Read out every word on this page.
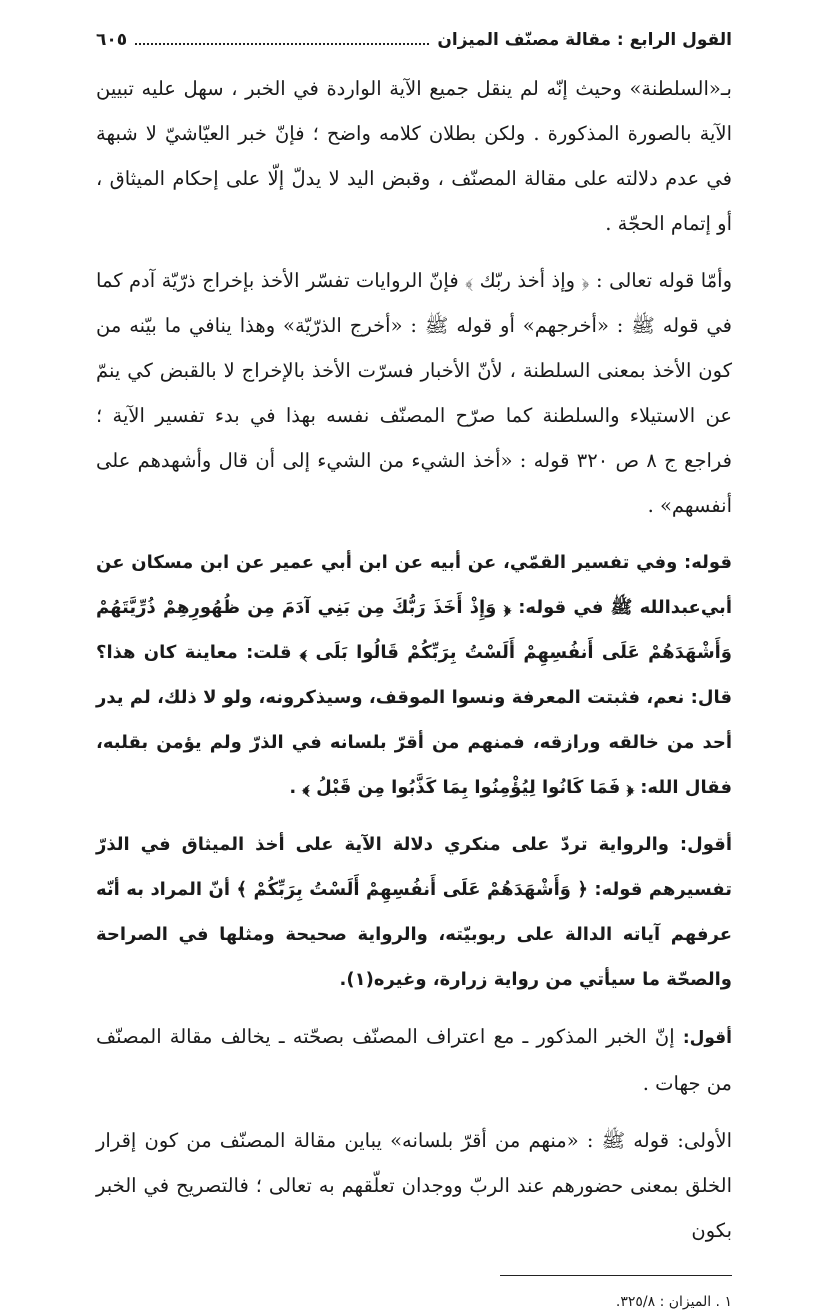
القول الرابع : مقالة مصنّف الميزان
٦٠٥

بـ«السلطنة» وحيث إنّه لم ينقل جميع الآية الواردة في الخبر ، سهل عليه تبيين الآية بالصورة المذكورة . ولكن بطلان كلامه واضح ؛ فإنّ خبر العيّاشيّ لا شبهة في عدم دلالته على مقالة المصنّف ، وقبض اليد لا يدلّ إلّا على إحكام الميثاق ، أو إتمام الحجّة .

وأمّا قوله تعالى : ﴿ وإذ أخذ ربّك ﴾ فإنّ الروايات تفسّر الأخذ بإخراج ذرّيّة آدم كما في قوله ﷺ : «أخرجهم» أو قوله ﷺ : «أخرج الذرّيّة» وهذا ينافي ما بيّنه من كون الأخذ بمعنى السلطنة ، لأنّ الأخبار فسرّت الأخذ بالإخراج لا بالقبض كي ينمّ عن الاستيلاء والسلطنة كما صرّح المصنّف نفسه بهذا في بدء تفسير الآية ؛ فراجع ج ٨ ص ٣٢٠ قوله : «أخذ الشيء من الشيء إلى أن قال وأشهدهم على أنفسهم» .

قوله: وفي تفسير القمّي، عن أبيه عن ابن أبي عمير عن ابن مسكان عن أبي‌عبدالله ﷺ في قوله: ﴿ وَإِذْ أَخَذَ رَبُّكَ مِن بَنِي آدَمَ مِن ظُهُورِهِمْ ذُرِّيَّتَهُمْ وَأَشْهَدَهُمْ عَلَى أَنفُسِهِمْ أَلَسْتُ بِرَبِّكُمْ قَالُوا بَلَى ﴾ قلت: معاينة كان هذا؟ قال: نعم، فثبتت المعرفة ونسوا الموقف، وسيذكرونه، ولو لا ذلك، لم يدر أحد من خالقه ورازقه، فمنهم من أقرّ بلسانه في الذرّ ولم يؤمن بقلبه، فقال الله: ﴿ فَمَا كَانُوا لِيُؤْمِنُوا بِمَا كَذَّبُوا مِن قَبْلُ ﴾ .

أقول: والرواية تردّ على منكري دلالة الآية على أخذ الميثاق في الذرّ تفسيرهم قوله: ﴿ وَأَشْهَدَهُمْ عَلَى أَنفُسِهِمْ أَلَسْتُ بِرَبِّكُمْ ﴾ أنّ المراد به أنّه عرفهم آياته الدالة على ربوبيّته، والرواية صحيحة ومثلها في الصراحة والصحّة ما سيأتي من رواية زرارة، وغيره(١).

أقول: إنّ الخبر المذكور ـ مع اعتراف المصنّف بصحّته ـ يخالف مقالة المصنّف من جهات .

الأولى: قوله ﷺ : «منهم من أقرّ بلسانه» يباين مقالة المصنّف من كون إقرار الخلق بمعنى حضورهم عند الربّ ووجدان تعلّقهم به تعالى ؛ فالتصريح في الخبر بكون

١ . الميزان : ٣٢٥/٨.
